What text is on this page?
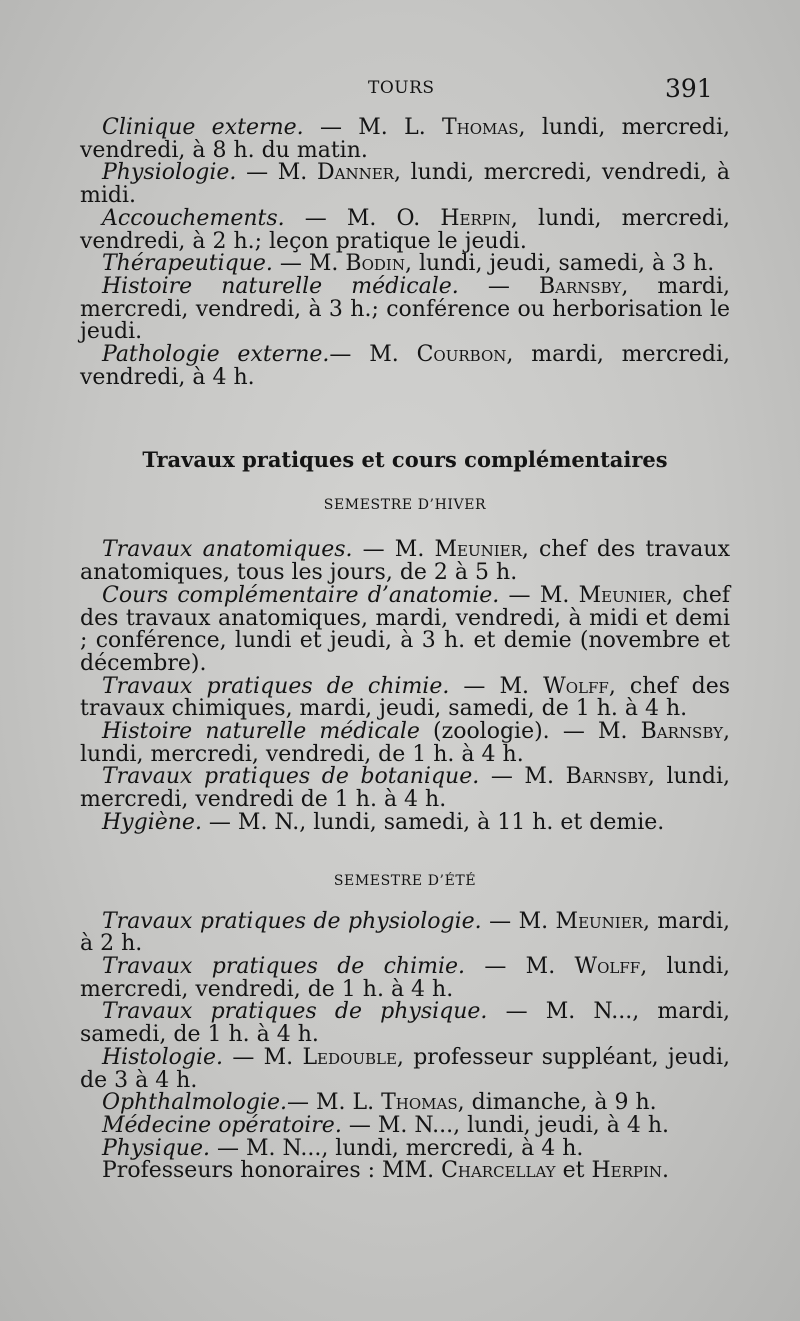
TOURS	391

Clinique externe. — M. L. Thomas, lundi, mercredi, vendredi, à 8 h. du matin.

Physiologie. — M. Danner, lundi, mercredi, vendredi, à midi.

Accouchements. — M. O. Herpin, lundi, mercredi, vendredi, à 2 h.; leçon pratique le jeudi.

Thérapeutique. — M. Bodin, lundi, jeudi, samedi, à 3 h.

Histoire naturelle médicale. — Barnsby, mardi, mercredi, vendredi, à 3 h.; conférence ou herborisation le jeudi.

Pathologie externe.— M. Courbon, mardi, mercredi, vendredi, à 4 h.

Travaux pratiques et cours complémentaires
SEMESTRE D’HIVER

Travaux anatomiques. — M. Meunier, chef des travaux anatomiques, tous les jours, de 2 à 5 h.

Cours complémentaire d’anatomie. — M. Meunier, chef des travaux anatomiques, mardi, vendredi, à midi et demi ; conférence, lundi et jeudi, à 3 h. et demie (novembre et décembre).

Travaux pratiques de chimie. — M. Wolff, chef des travaux chimiques, mardi, jeudi, samedi, de 1 h. à 4 h.

Histoire naturelle médicale (zoologie). — M. Barnsby, lundi, mercredi, vendredi, de 1 h. à 4 h.

Travaux pratiques de botanique. — M. Barnsby, lundi, mercredi, vendredi de 1 h. à 4 h.

Hygiène. — M. N., lundi, samedi, à 11 h. et demie.

SEMESTRE D’ÉTÉ

Travaux pratiques de physiologie. — M. Meunier, mardi, à 2 h.

Travaux pratiques de chimie. — M. Wolff, lundi, mercredi, vendredi, de 1 h. à 4 h.

Travaux pratiques de physique. — M. N..., mardi, samedi, de 1 h. à 4 h.

Histologie. — M. Ledouble, professeur suppléant, jeudi, de 3 à 4 h.

Ophthalmologie.— M. L. Thomas, dimanche, à 9 h.

Médecine opératoire. — M. N..., lundi, jeudi, à 4 h.

Physique. — M. N..., lundi, mercredi, à 4 h.

Professeurs honoraires : MM. Charcellay et Herpin.
